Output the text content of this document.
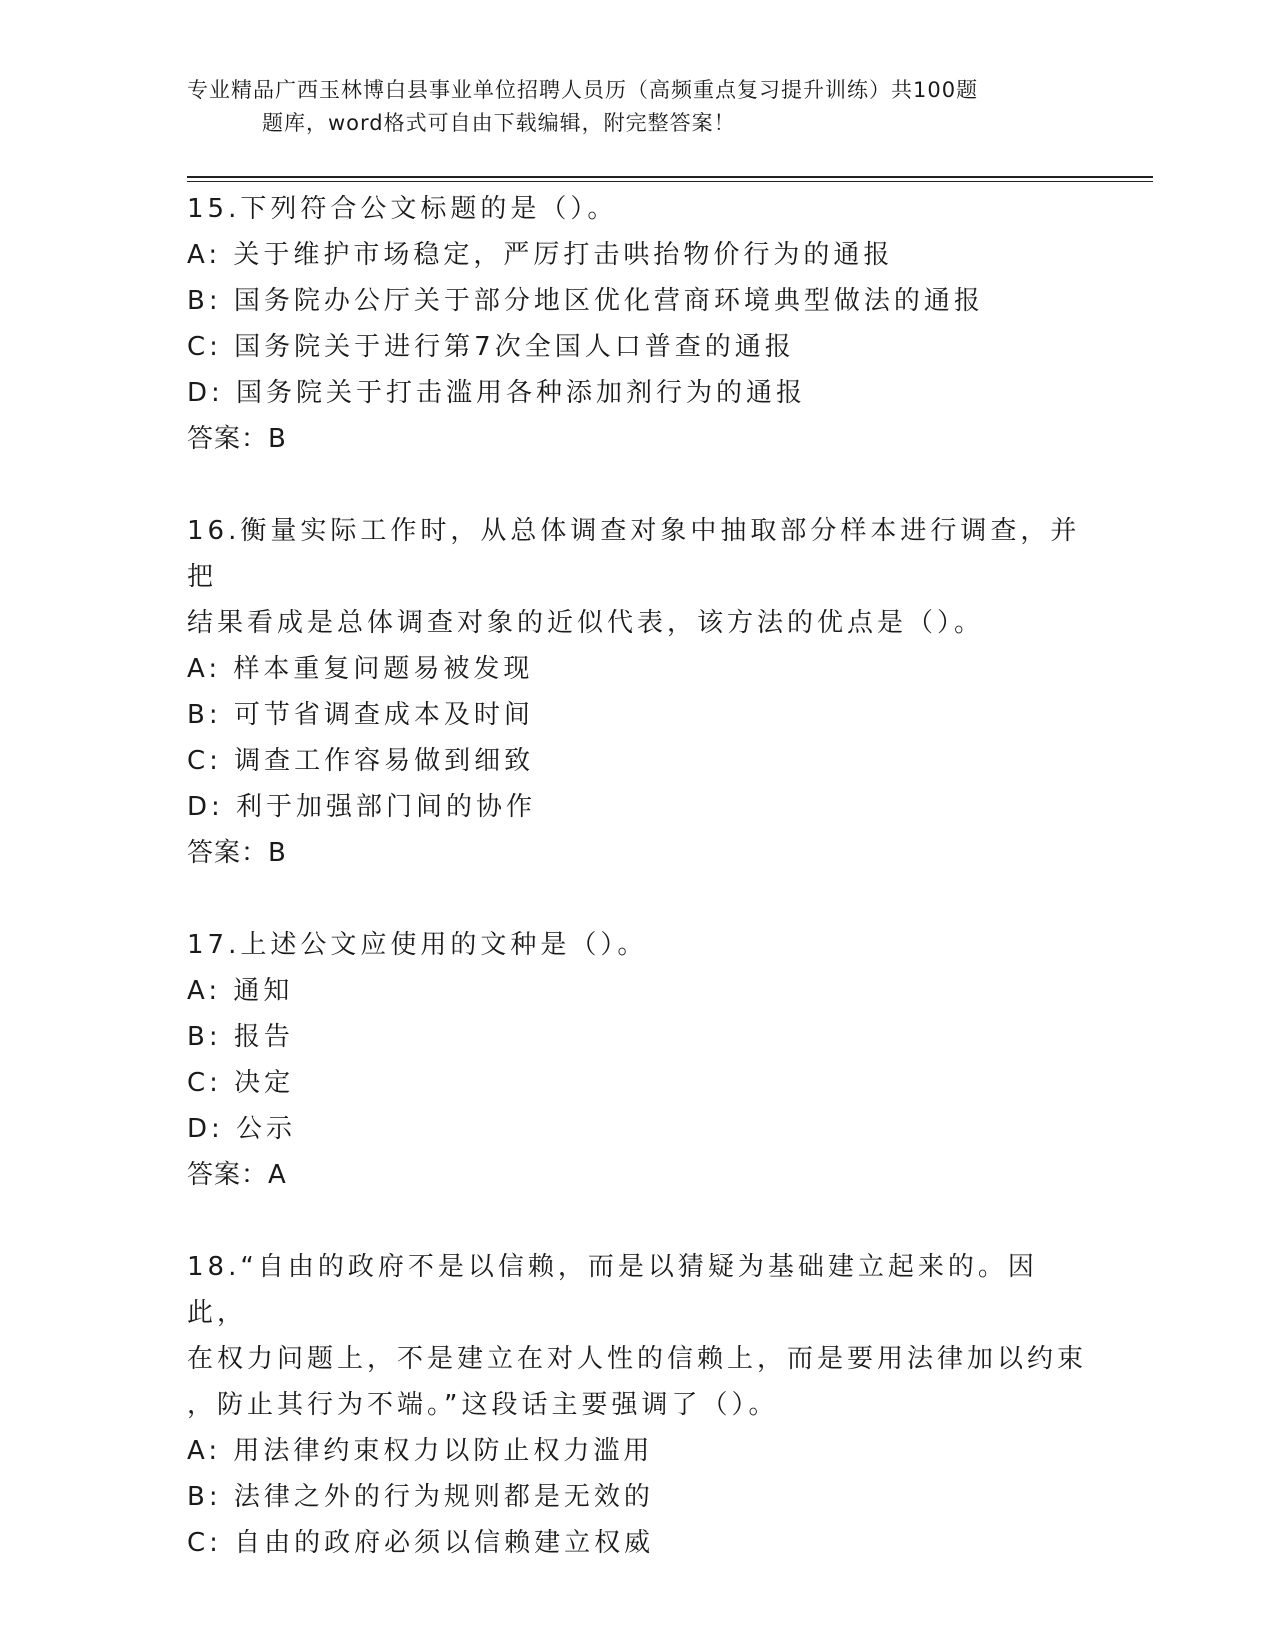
专业精品广西玉林博白县事业单位招聘人员历（高频重点复习提升训练）共100题
题库，word格式可自由下载编辑，附完整答案！

15.下列符合公文标题的是（）。

A: 关于维护市场稳定，严厉打击哄抬物价行为的通报

B: 国务院办公厅关于部分地区优化营商环境典型做法的通报

C: 国务院关于进行第7次全国人口普查的通报

D: 国务院关于打击滥用各种添加剂行为的通报

答案：B

16.衡量实际工作时，从总体调查对象中抽取部分样本进行调查，并把

结果看成是总体调查对象的近似代表，该方法的优点是（）。

A: 样本重复问题易被发现

B: 可节省调查成本及时间

C: 调查工作容易做到细致

D: 利于加强部门间的协作

答案：B

17.上述公文应使用的文种是（）。

A: 通知

B: 报告

C: 决定

D: 公示

答案：A

18.“自由的政府不是以信赖，而是以猜疑为基础建立起来的。因此，

在权力问题上，不是建立在对人性的信赖上，而是要用法律加以约束

，防止其行为不端。”这段话主要强调了（）。

A: 用法律约束权力以防止权力滥用

B: 法律之外的行为规则都是无效的

C: 自由的政府必须以信赖建立权威
